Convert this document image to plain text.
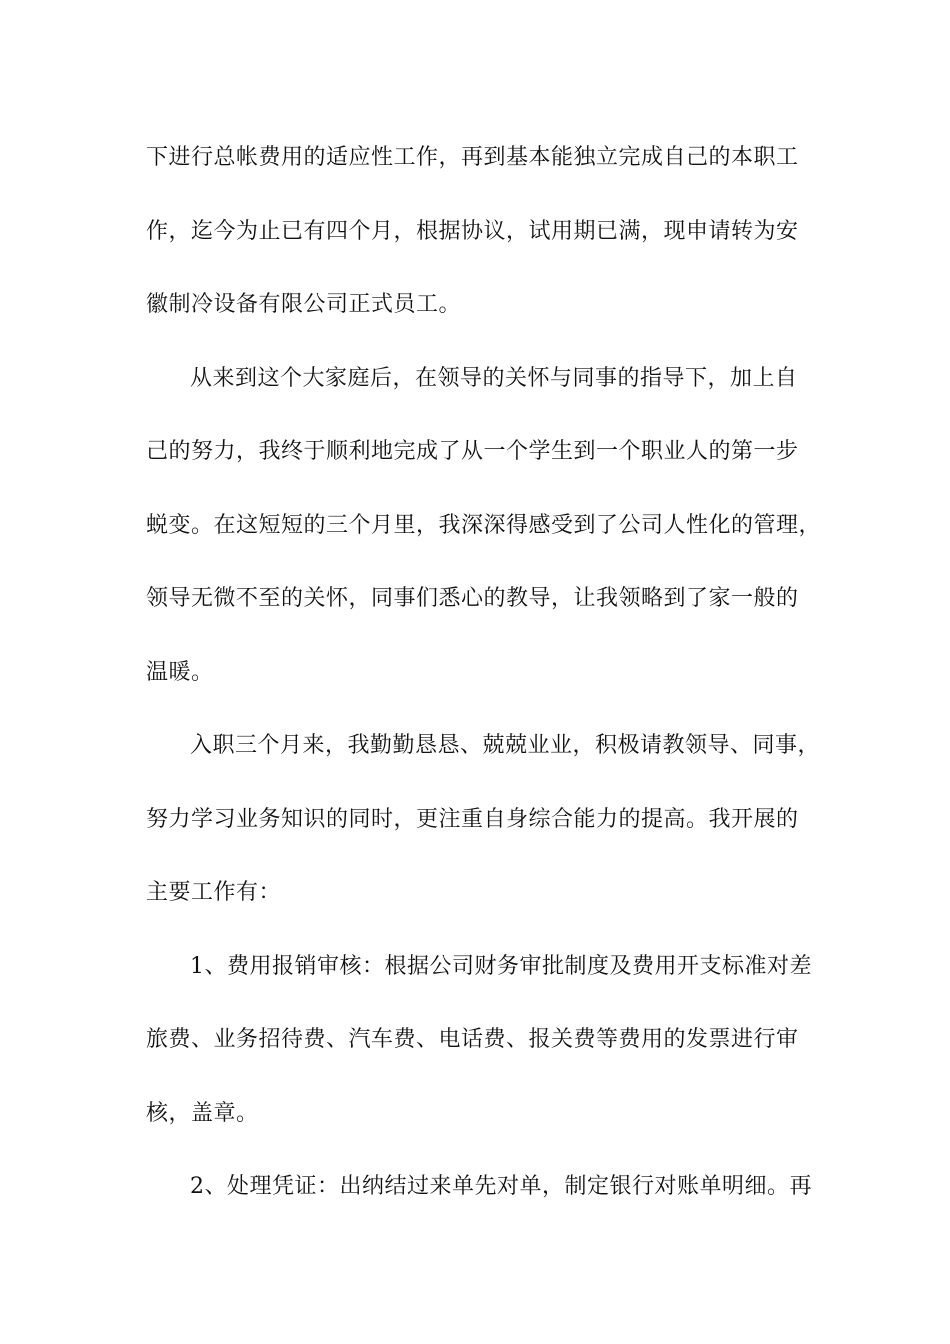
下进行总帐费用的适应性工作，再到基本能独立完成自己的本职工
作，迄今为止已有四个月，根据协议，试用期已满，现申请转为安
徽制冷设备有限公司正式员工。
从来到这个大家庭后，在领导的关怀与同事的指导下，加上自
己的努力，我终于顺利地完成了从一个学生到一个职业人的第一步
蜕变。在这短短的三个月里，我深深得感受到了公司人性化的管理，
领导无微不至的关怀，同事们悉心的教导，让我领略到了家一般的
温暖。
入职三个月来，我勤勤恳恳、兢兢业业，积极请教领导、同事，
努力学习业务知识的同时，更注重自身综合能力的提高。我开展的
主要工作有：
1、费用报销审核：根据公司财务审批制度及费用开支标准对差
旅费、业务招待费、汽车费、电话费、报关费等费用的发票进行审
核，盖章。
2、处理凭证：出纳结过来单先对单，制定银行对账单明细。再
